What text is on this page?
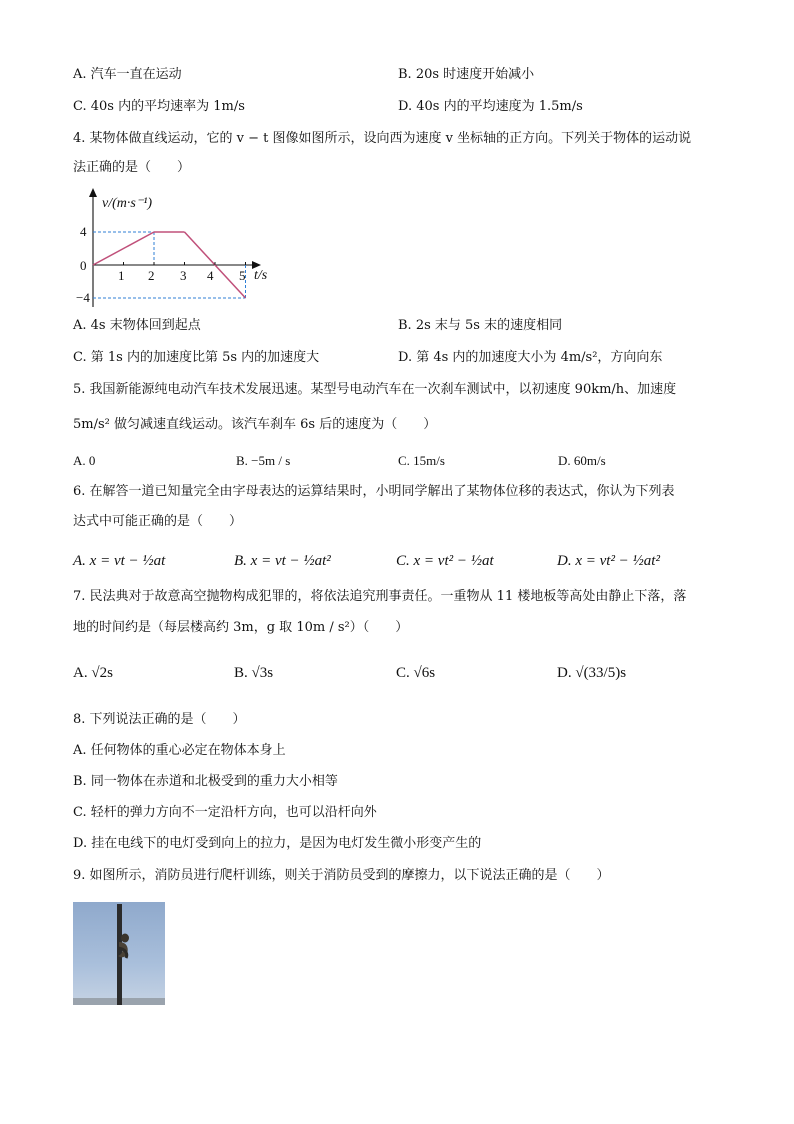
A. 汽车一直在运动	B. 20s 时速度开始减小
C. 40s 内的平均速率为 1m/s	D. 40s 内的平均速度为 1.5m/s
4. 某物体做直线运动，它的 v − t 图像如图所示，设向西为速度 v 坐标轴的正方向。下列关于物体的运动说
法正确的是（　　）
v/(m·s⁻¹)
t/s
4
0
−4
1 2 3 4 5
A. 4s 末物体回到起点	B. 2s 末与 5s 末的速度相同
C. 第 1s 内的加速度比第 5s 内的加速度大	D. 第 4s 内的加速度大小为 4m/s²，方向向东
5. 我国新能源纯电动汽车技术发展迅速。某型号电动汽车在一次刹车测试中，以初速度 90km/h、加速度
5m/s² 做匀减速直线运动。该汽车刹车 6s 后的速度为（　　）
A. 0	B. −5m / s	C. 15m/s	D. 60m/s
6. 在解答一道已知量完全由字母表达的运算结果时，小明同学解出了某物体位移的表达式，你认为下列表
达式中可能正确的是（　　）
A. x = vt − ½at	B. x = vt − ½at²	C. x = vt² − ½at	D. x = vt² − ½at²
7. 民法典对于故意高空抛物构成犯罪的，将依法追究刑事责任。一重物从 11 楼地板等高处由静止下落，落
地的时间约是（每层楼高约 3m，g 取 10m / s²）（　　）
A. √2s	B. √3s	C. √6s	D. √(33/5)s
8. 下列说法正确的是（　　）
A. 任何物体的重心必定在物体本身上
B. 同一物体在赤道和北极受到的重力大小相等
C. 轻杆的弹力方向不一定沿杆方向，也可以沿杆向外
D. 挂在电线下的电灯受到向上的拉力，是因为电灯发生微小形变产生的
9. 如图所示，消防员进行爬杆训练，则关于消防员受到的摩擦力，以下说法正确的是（　　）
